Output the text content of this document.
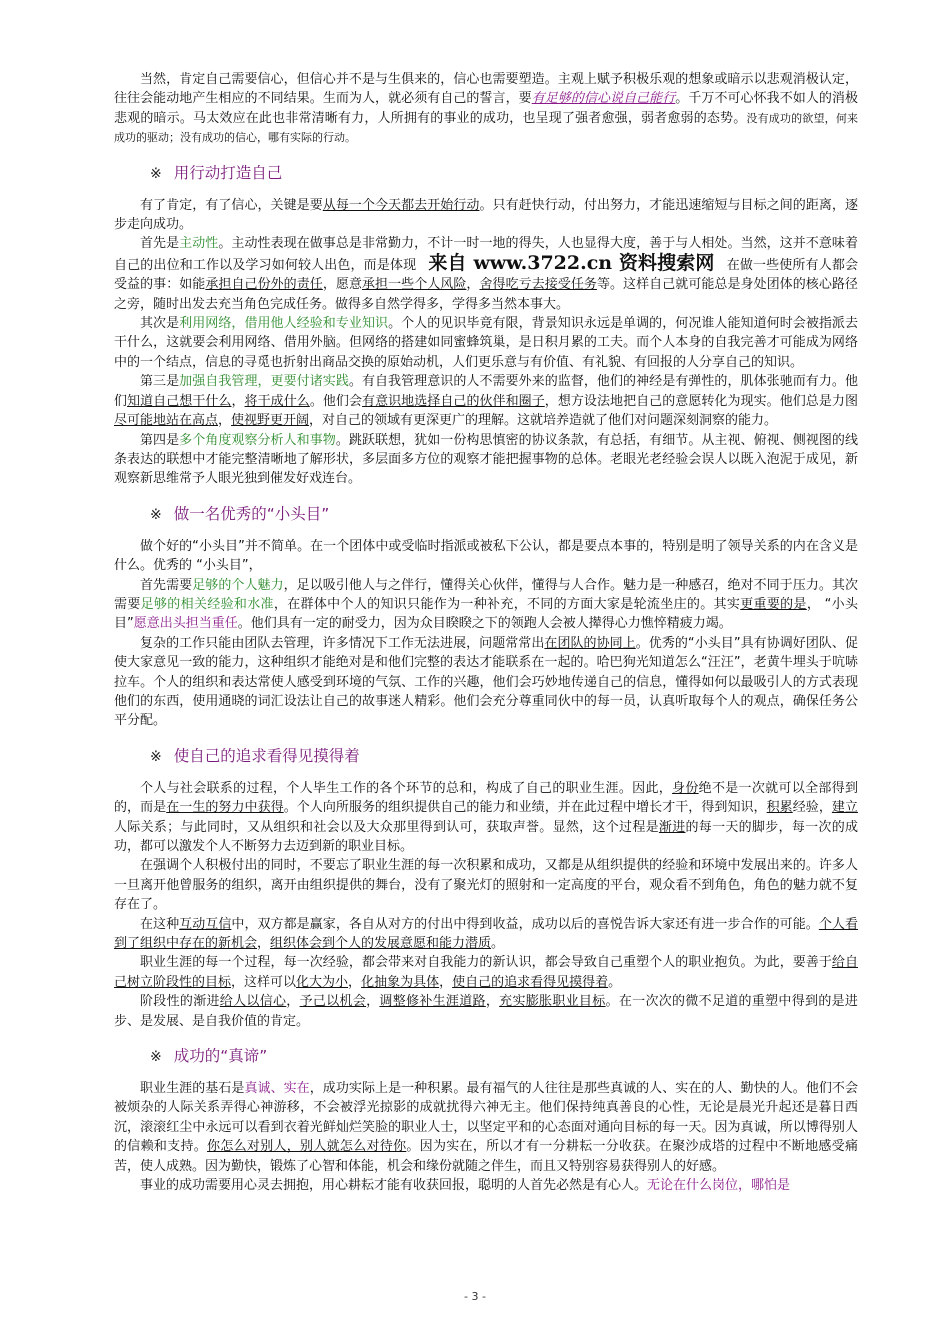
当然，肯定自己需要信心，但信心并不是与生俱来的，信心也需要塑造。主观上赋予积极乐观的想象或暗示以悲观消极认定，往往会能动地产生相应的不同结果。生而为人，就必须有自己的誓言，要有足够的信心说自己能行。千万不可心怀我不如人的消极悲观的暗示。马太效应在此也非常清晰有力，人所拥有的事业的成功，也呈现了强者愈强，弱者愈弱的态势。没有成功的欲望，何来成功的驱动；没有成功的信心，哪有实际的行动。

※ 用行动打造自己

有了肯定，有了信心，关键是要从每一个今天都去开始行动。只有赶快行动，付出努力，才能迅速缩短与目标之间的距离，逐步走向成功。

首先是主动性。主动性表现在做事总是非常勤力，不计一时一地的得失，人也显得大度，善于与人相处。当然，这并不意味着自己的出位和工作以及学习如何较人出色，而是体现 来自 www.3722.cn 资料搜索网 在做一些使所有人都会受益的事：如能承担自己份外的责任，愿意承担一些个人风险，舍得吃亏去接受任务等。这样自己就可能总是身处团体的核心路径之旁，随时出发去充当角色完成任务。做得多自然学得多，学得多当然本事大。

其次是利用网络，借用他人经验和专业知识。个人的见识毕竟有限，背景知识永远是单调的，何况谁人能知道何时会被指派去干什么，这就要会利用网络、借用外脑。但网络的搭建如同蜜蜂筑巢，是日积月累的工夫。而个人本身的自我完善才可能成为网络中的一个结点，信息的寻觅也折射出商品交换的原始动机，人们更乐意与有价值、有礼貌、有回报的人分享自己的知识。

第三是加强自我管理，更要付诸实践。有自我管理意识的人不需要外来的监督，他们的神经是有弹性的，肌体张驰而有力。他们知道自己想干什么，将干成什么。他们会有意识地选择自己的伙伴和圈子，想方设法地把自己的意愿转化为现实。他们总是力图尽可能地站在高点，使视野更开阔，对自己的领域有更深更广的理解。这就培养造就了他们对问题深刻洞察的能力。

第四是多个角度观察分析人和事物。跳跃联想，犹如一份构思慎密的协议条款，有总括，有细节。从主视、俯视、侧视图的线条表达的联想中才能完整清晰地了解形状，多层面多方位的观察才能把握事物的总体。老眼光老经验会误人以既入泡泥于成见，新观察新思维常予人眼光独到催发好戏连台。

※ 做一名优秀的“小头目”

做个好的“小头目”并不简单。在一个团体中或受临时指派或被私下公认，都是要点本事的，特别是明了领导关系的内在含义是什么。优秀的 “小头目”，

首先需要足够的个人魅力，足以吸引他人与之伴行，懂得关心伙伴，懂得与人合作。魅力是一种感召，绝对不同于压力。其次需要足够的相关经验和水准，在群体中个人的知识只能作为一种补充，不同的方面大家是轮流坐庄的。其实更重要的是， “小头目”愿意出头担当重任。他们具有一定的耐受力，因为众目睽睽之下的领跑人会被人撵得心力憔悴精疲力竭。

复杂的工作只能由团队去管理，许多情况下工作无法进展，问题常常出在团队的协同上。优秀的“小头目”具有协调好团队、促使大家意见一致的能力，这种组织才能绝对是和他们完整的表达才能联系在一起的。哈巴狗光知道怎么“汪汪”，老黄牛埋头于吭哧拉车。个人的组织和表达常使人感受到环境的气氛、工作的兴趣，他们会巧妙地传递自己的信息，懂得如何以最吸引人的方式表现他们的东西，使用通晓的词汇设法让自己的故事迷人精彩。他们会充分尊重同伙中的每一员，认真听取每个人的观点，确保任务公平分配。

※ 使自己的追求看得见摸得着

个人与社会联系的过程，个人毕生工作的各个环节的总和，构成了自己的职业生涯。因此，身份绝不是一次就可以全部得到的，而是在一生的努力中获得。个人向所服务的组织提供自己的能力和业绩，并在此过程中增长才干，得到知识，积累经验，建立人际关系；与此同时，又从组织和社会以及大众那里得到认可，获取声誉。显然，这个过程是渐进的每一天的脚步，每一次的成功，都可以激发个人不断努力去迈到新的职业目标。

在强调个人积极付出的同时，不要忘了职业生涯的每一次积累和成功，又都是从组织提供的经验和环境中发展出来的。许多人一旦离开他曾服务的组织，离开由组织提供的舞台，没有了聚光灯的照射和一定高度的平台，观众看不到角色，角色的魅力就不复存在了。

在这种互动互信中，双方都是赢家，各自从对方的付出中得到收益，成功以后的喜悦告诉大家还有进一步合作的可能。个人看到了组织中存在的新机会，组织体会到个人的发展意愿和能力潜质。

职业生涯的每一个过程，每一次经验，都会带来对自我能力的新认识，都会导致自己重塑个人的职业抱负。为此，要善于给自己树立阶段性的目标，这样可以化大为小，化抽象为具体，使自己的追求看得见摸得着。

阶段性的渐进给人以信心，予己以机会，调整修补生涯道路，充实膨胀职业目标。在一次次的微不足道的重塑中得到的是进步、是发展、是自我价值的肯定。

※ 成功的“真谛”

职业生涯的基石是真诚、实在，成功实际上是一种积累。最有福气的人往往是那些真诚的人、实在的人、勤快的人。他们不会被烦杂的人际关系弄得心神游移，不会被浮光掠影的成就扰得六神无主。他们保持纯真善良的心性，无论是晨光升起还是暮日西沉，滚滚红尘中永远可以看到衣着光鲜灿烂笑脸的职业人士，以坚定平和的心态面对通向目标的每一天。因为真诚，所以博得别人的信赖和支持。你怎么对别人，别人就怎么对待你。因为实在，所以才有一分耕耘一分收获。在聚沙成塔的过程中不断地感受痛苦，使人成熟。因为勤快，锻炼了心智和体能，机会和缘份就随之伴生，而且又特别容易获得别人的好感。

事业的成功需要用心灵去拥抱，用心耕耘才能有收获回报，聪明的人首先必然是有心人。无论在什么岗位，哪怕是

- 3 -
